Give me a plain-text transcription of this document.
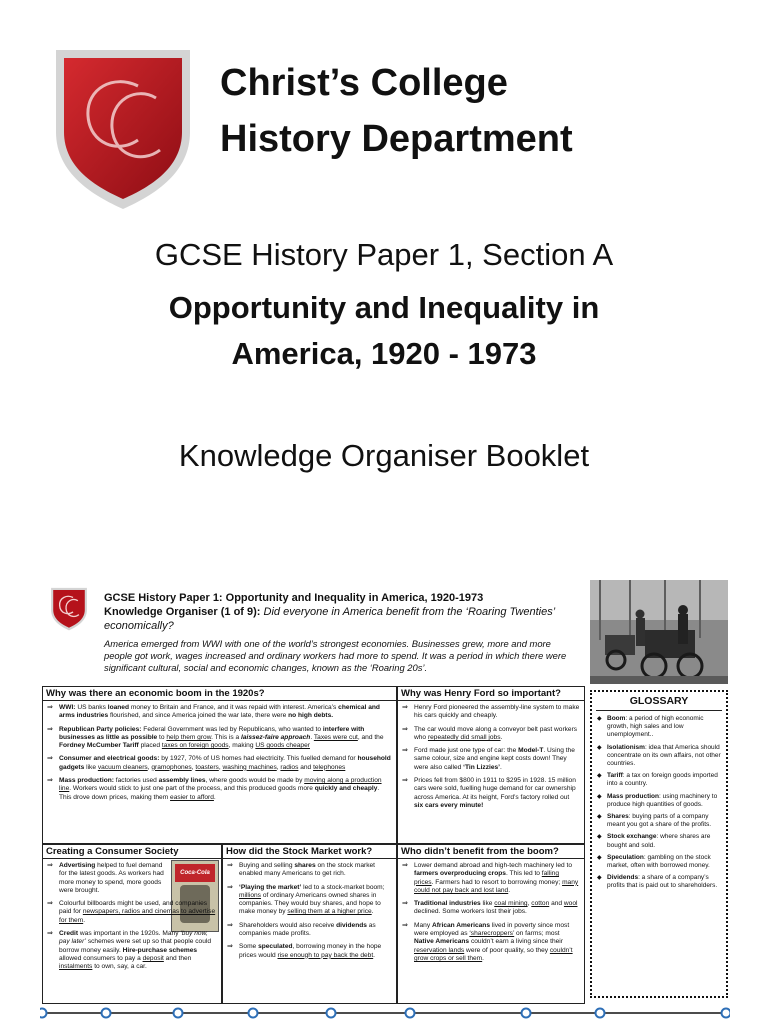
Christ’s College
History Department
GCSE History Paper 1, Section A
Opportunity and Inequality in
America, 1920 - 1973
Knowledge Organiser Booklet
GCSE History Paper 1: Opportunity and Inequality in America, 1920-1973
Knowledge Organiser (1 of 9): Did everyone in America benefit from the ‘Roaring Twenties’ economically?
America emerged from WWI with one of the world’s strongest economies. Businesses grew, more and more people got work, wages increased and ordinary workers had more to spend. It was a period in which there were significant cultural, social and economic changes, known as the ‘Roaring 20s’.
Why was there an economic boom in the 1920s?
⇒ WWI: US banks loaned money to Britain and France, and it was repaid with interest. America’s chemical and arms industries flourished, and since America joined the war late, there were no high debts.
⇒ Republican Party policies: Federal Government was led by Republicans, who wanted to interfere with businesses as little as possible to help them grow. This is a laissez-faire approach. Taxes were cut, and the Fordney McCumber Tariff placed taxes on foreign goods, making US goods cheaper
⇒ Consumer and electrical goods: by 1927, 70% of US homes had electricity. This fuelled demand for household gadgets like vacuum cleaners, gramophones, toasters, washing machines, radios and telephones
⇒ Mass production: factories used assembly lines, where goods would be made by moving along a production line. Workers would stick to just one part of the process, and this produced goods more quickly and cheaply. This drove down prices, making them easier to afford.
Why was Henry Ford so important?
⇒ Henry Ford pioneered the assembly-line system to make his cars quickly and cheaply.
⇒ The car would move along a conveyor belt past workers who repeatedly did small jobs.
⇒ Ford made just one type of car: the Model-T. Using the same colour, size and engine kept costs down! They were also called ‘Tin Lizzies’.
⇒ Prices fell from $800 in 1911 to $295 in 1928. 15 million cars were sold, fuelling huge demand for car ownership across America. At its height, Ford’s factory rolled out six cars every minute!
Creating a Consumer Society
Coca-Cola
⇒ Advertising helped to fuel demand for the latest goods. As workers had more money to spend, more goods were brought.
⇒ Colourful billboards might be used, and companies paid for newspapers, radios and cinemas to advertise for them.
⇒ Credit was important in the 1920s. Many ‘buy now, pay later’ schemes were set up so that people could borrow money easily. Hire-purchase schemes allowed consumers to pay a deposit and then instalments to own, say, a car.
How did the Stock Market work?
⇒ Buying and selling shares on the stock market enabled many Americans to get rich.
⇒ ‘Playing the market’ led to a stock-market boom; millions of ordinary Americans owned shares in companies. They would buy shares, and hope to make money by selling them at a higher price.
⇒ Shareholders would also receive dividends as companies made profits.
⇒ Some speculated, borrowing money in the hope prices would rise enough to pay back the debt.
Who didn’t benefit from the boom?
⇒ Lower demand abroad and high-tech machinery led to farmers overproducing crops. This led to falling prices. Farmers had to resort to borrowing money; many could not pay back and lost land.
⇒ Traditional industries like coal mining, cotton and wool declined. Some workers lost their jobs.
⇒ Many African Americans lived in poverty since most were employed as ‘sharecroppers’ on farms; most Native Americans couldn’t earn a living since their reservation lands were of poor quality, so they couldn’t grow crops or sell them.
GLOSSARY
◆ Boom: a period of high economic growth, high sales and low unemployment..
◆ Isolationism: idea that America should concentrate on its own affairs, not other countries.
◆ Tariff: a tax on foreign goods imported into a country.
◆ Mass production: using machinery to produce high quantities of goods.
◆ Shares: buying parts of a company meant you got a share of the profits.
◆ Stock exchange: where shares are bought and sold.
◆ Speculation: gambling on the stock market, often with borrowed money.
◆ Dividends: a share of a company’s profits that is paid out to shareholders.
